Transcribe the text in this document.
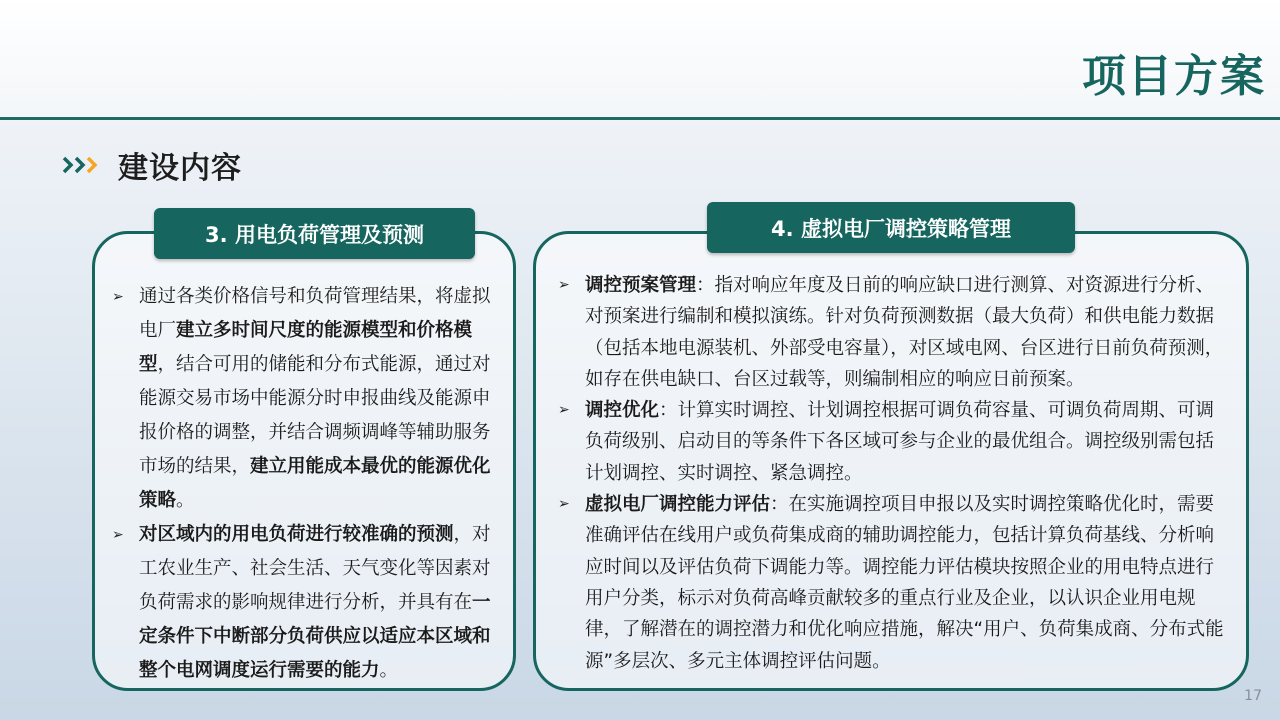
项目方案
建设内容
3. 用电负荷管理及预测
➢ 通过各类价格信号和负荷管理结果，将虚拟电厂建立多时间尺度的能源模型和价格模型，结合可用的储能和分布式能源，通过对能源交易市场中能源分时申报曲线及能源申报价格的调整，并结合调频调峰等辅助服务市场的结果，建立用能成本最优的能源优化策略。
➢ 对区域内的用电负荷进行较准确的预测，对工农业生产、社会生活、天气变化等因素对负荷需求的影响规律进行分析，并具有在一定条件下中断部分负荷供应以适应本区域和整个电网调度运行需要的能力。
4. 虚拟电厂调控策略管理
➢ 调控预案管理：指对响应年度及日前的响应缺口进行测算、对资源进行分析、对预案进行编制和模拟演练。针对负荷预测数据（最大负荷）和供电能力数据（包括本地电源装机、外部受电容量），对区域电网、台区进行日前负荷预测，如存在供电缺口、台区过载等，则编制相应的响应日前预案。
➢ 调控优化：计算实时调控、计划调控根据可调负荷容量、可调负荷周期、可调负荷级别、启动目的等条件下各区域可参与企业的最优组合。调控级别需包括计划调控、实时调控、紧急调控。
➢ 虚拟电厂调控能力评估：在实施调控项目申报以及实时调控策略优化时，需要准确评估在线用户或负荷集成商的辅助调控能力，包括计算负荷基线、分析响应时间以及评估负荷下调能力等。调控能力评估模块按照企业的用电特点进行用户分类，标示对负荷高峰贡献较多的重点行业及企业，以认识企业用电规律，了解潜在的调控潜力和优化响应措施，解决“用户、负荷集成商、分布式能源”多层次、多元主体调控评估问题。
17
